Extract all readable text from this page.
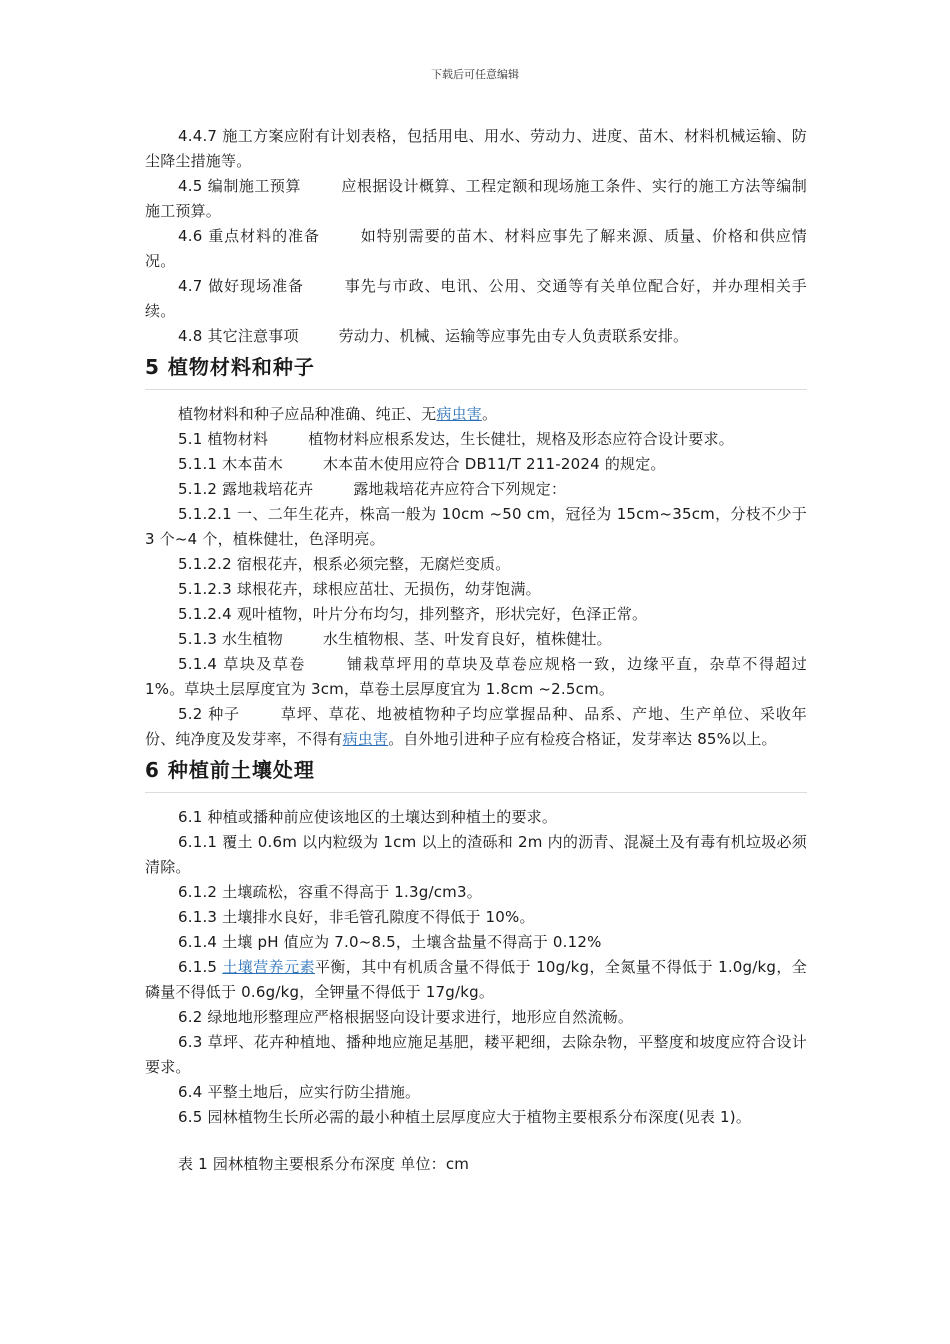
下载后可任意编辑

4.4.7 施工方案应附有计划表格，包括用电、用水、劳动力、进度、苗木、材料机械运输、防尘降尘措施等。

4.5 编制施工预算	应根据设计概算、工程定额和现场施工条件、实行的施工方法等编制施工预算。

4.6 重点材料的准备	如特别需要的苗木、材料应事先了解来源、质量、价格和供应情况。

4.7 做好现场准备	事先与市政、电讯、公用、交通等有关单位配合好，并办理相关手续。

4.8 其它注意事项	劳动力、机械、运输等应事先由专人负责联系安排。

5 植物材料和种子

植物材料和种子应品种准确、纯正、无病虫害。

5.1 植物材料	植物材料应根系发达，生长健壮，规格及形态应符合设计要求。

5.1.1 木本苗木	木本苗木使用应符合 DB11/T 211-2024 的规定。

5.1.2 露地栽培花卉	露地栽培花卉应符合下列规定：

5.1.2.1 一、二年生花卉，株高一般为 10cm ~50 cm，冠径为 15cm~35cm，分枝不少于 3 个~4 个，植株健壮，色泽明亮。

5.1.2.2 宿根花卉，根系必须完整，无腐烂变质。

5.1.2.3 球根花卉，球根应茁壮、无损伤，幼芽饱满。

5.1.2.4 观叶植物，叶片分布均匀，排列整齐，形状完好，色泽正常。

5.1.3 水生植物	水生植物根、茎、叶发育良好，植株健壮。

5.1.4 草块及草卷	铺栽草坪用的草块及草卷应规格一致，边缘平直，杂草不得超过 1%。草块土层厚度宜为 3cm，草卷土层厚度宜为 1.8cm ~2.5cm。

5.2 种子	草坪、草花、地被植物种子均应掌握品种、品系、产地、生产单位、采收年份、纯净度及发芽率，不得有病虫害。自外地引进种子应有检疫合格证，发芽率达 85%以上。

6 种植前土壤处理

6.1 种植或播种前应使该地区的土壤达到种植土的要求。

6.1.1 覆土 0.6m 以内粒级为 1cm 以上的渣砾和 2m 内的沥青、混凝土及有毒有机垃圾必须清除。

6.1.2 土壤疏松，容重不得高于 1.3g/cm3。

6.1.3 土壤排水良好，非毛管孔隙度不得低于 10%。

6.1.4 土壤 pH 值应为 7.0~8.5，土壤含盐量不得高于 0.12%

6.1.5 土壤营养元素平衡，其中有机质含量不得低于 10g/kg，全氮量不得低于 1.0g/kg，全磷量不得低于 0.6g/kg，全钾量不得低于 17g/kg。

6.2 绿地地形整理应严格根据竖向设计要求进行，地形应自然流畅。

6.3 草坪、花卉种植地、播种地应施足基肥，耧平耙细，去除杂物，平整度和坡度应符合设计要求。

6.4 平整土地后，应实行防尘措施。

6.5 园林植物生长所必需的最小种植土层厚度应大于植物主要根系分布深度(见表 1)。

表 1 园林植物主要根系分布深度 单位：cm
